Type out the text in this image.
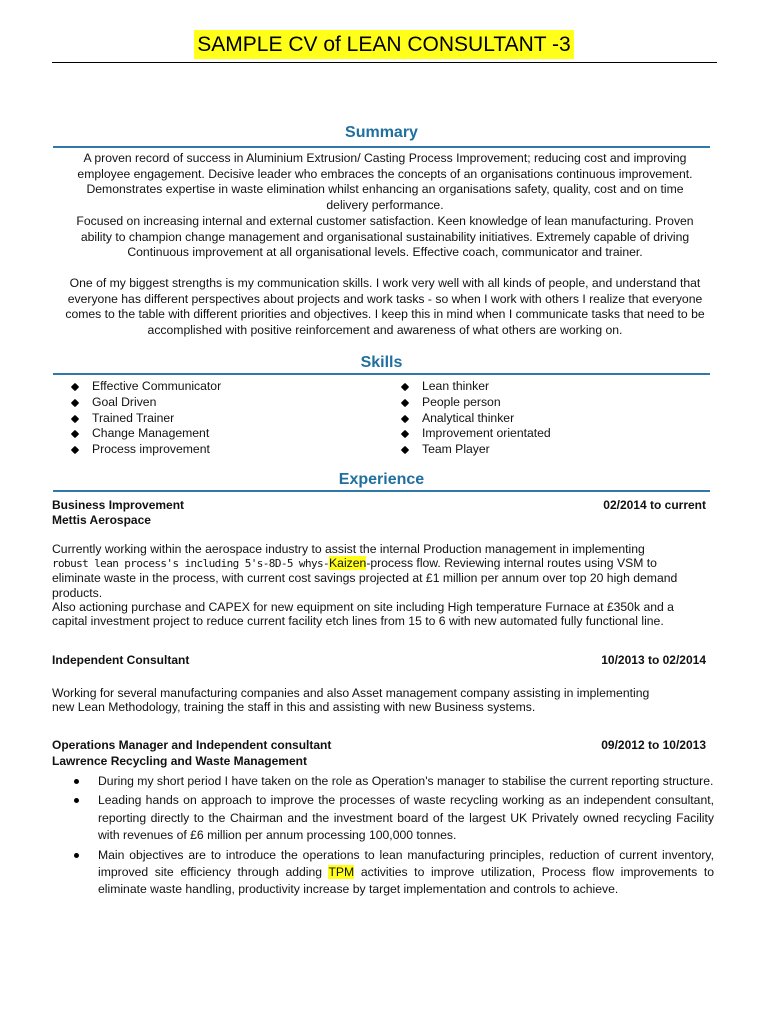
SAMPLE CV of LEAN CONSULTANT -3
Summary

A proven record of success in Aluminium Extrusion/ Casting Process Improvement; reducing cost and improving

employee engagement. Decisive leader who embraces the concepts of an organisations continuous improvement.

Demonstrates expertise in waste elimination whilst enhancing an organisations safety, quality, cost and on time

delivery performance.

Focused on increasing internal and external customer satisfaction. Keen knowledge of lean manufacturing. Proven

ability to champion change management and organisational sustainability initiatives. Extremely capable of driving

Continuous improvement at all organisational levels. Effective coach, communicator and trainer.

One of my biggest strengths is my communication skills. I work very well with all kinds of people, and understand that

everyone has different perspectives about projects and work tasks - so when I work with others I realize that everyone

comes to the table with different priorities and objectives. I keep this in mind when I communicate tasks that need to be

accomplished with positive reinforcement and awareness of what others are working on.

Skills
Effective Communicator
Goal Driven
Trained Trainer
Change Management
Process improvement
Lean thinker
People person
Analytical thinker
Improvement orientated
Team Player
Experience
Business Improvement	02/2014 to current
Mettis Aerospace
Currently working within the aerospace industry to assist the internal Production management in implementing
robust lean process's including 5's-8D-5 whys-Kaizen-process flow. Reviewing internal routes using VSM to
eliminate waste in the process, with current cost savings projected at £1 million per annum over top 20 high demand
products.
Also actioning purchase and CAPEX for new equipment on site including High temperature Furnace at £350k and a
capital investment project to reduce current facility etch lines from 15 to 6 with new automated fully functional line.
Independent Consultant	10/2013 to 02/2014
Working for several manufacturing companies and also Asset management company assisting in implementing
new Lean Methodology, training the staff in this and assisting with new Business systems.
Operations Manager and Independent consultant	09/2012 to 10/2013
Lawrence Recycling and Waste Management
During my short period I have taken on the role as Operation's manager to stabilise the current reporting structure.
Leading hands on approach to improve the processes of waste recycling working as an independent consultant, reporting directly to the Chairman and the investment board of the largest UK Privately owned recycling Facility with revenues of £6 million per annum processing 100,000 tonnes.
Main objectives are to introduce the operations to lean manufacturing principles, reduction of current inventory, improved site efficiency through adding TPM activities to improve utilization, Process flow improvements to eliminate waste handling, productivity increase by target implementation and controls to achieve.
